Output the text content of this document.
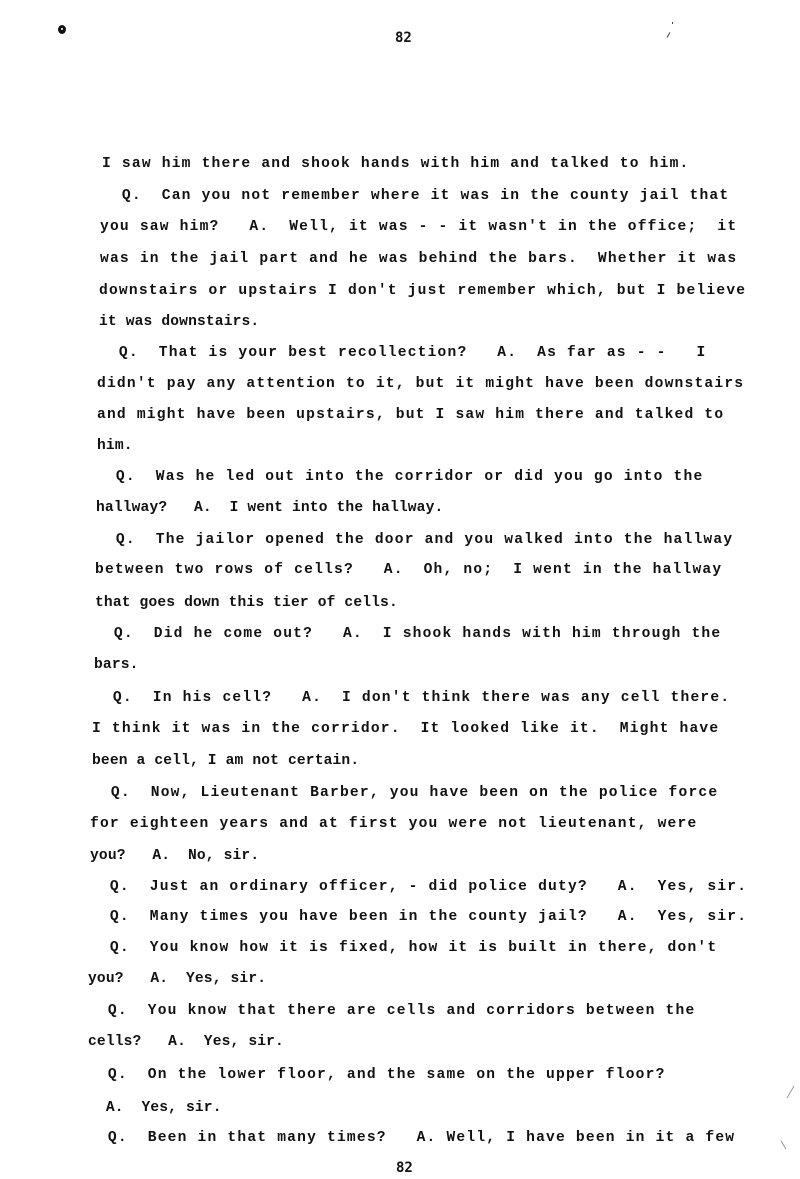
82
I saw him there and shook hands with him and talked to him.
Q.  Can you not remember where it was in the county jail that
you saw him?   A.  Well, it was - - it wasn't in the office;  it
was in the jail part and he was behind the bars.  Whether it was
downstairs or upstairs I don't just remember which, but I believe
it was downstairs.
Q.  That is your best recollection?   A.  As far as - -   I
didn't pay any attention to it, but it might have been downstairs
and might have been upstairs, but I saw him there and talked to
him.
Q.  Was he led out into the corridor or did you go into the
hallway?   A.  I went into the hallway.
Q.  The jailor opened the door and you walked into the hallway
between two rows of cells?   A.  Oh, no;  I went in the hallway
that goes down this tier of cells.
Q.  Did he come out?   A.  I shook hands with him through the
bars.
Q.  In his cell?   A.  I don't think there was any cell there.
I think it was in the corridor.  It looked like it.  Might have
been a cell, I am not certain.
Q.  Now, Lieutenant Barber, you have been on the police force
for eighteen years and at first you were not lieutenant, were
you?   A.  No, sir.
Q.  Just an ordinary officer, - did police duty?   A.  Yes, sir.
Q.  Many times you have been in the county jail?   A.  Yes, sir.
Q.  You know how it is fixed, how it is built in there, don't
you?   A.  Yes, sir.
Q.  You know that there are cells and corridors between the
cells?   A.  Yes, sir.
Q.  On the lower floor, and the same on the upper floor?
A.  Yes, sir.
Q.  Been in that many times?   A. Well, I have been in it a few
82
